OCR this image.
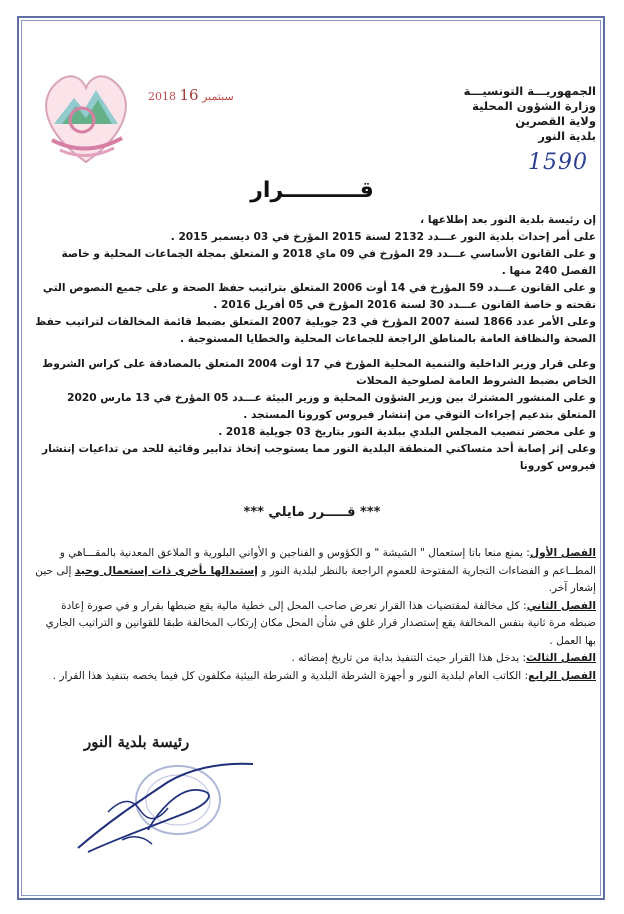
الجمهوريـــة التونسيـــة
وزارة الشؤون المحلية
ولاية القصرين
بلدية النور
2018 سبتمبر 16
1590
قــــــــــرار

إن رئيسة بلدية النور بعد إطلاعها ،

على أمر إحداث بلدية النور عـــدد 2132 لسنة 2015 المؤرخ في 03 ديسمبر 2015 .

و على القانون الأساسي عـــدد 29 المؤرخ في 09 ماي 2018 و المتعلق بمجلة الجماعات المحلية و خاصة الفصل 240 منها .

و على القانون عـــدد 59 المؤرخ في 14 أوت 2006 المتعلق بتراتيب حفظ الصحة و على جميع النصوص التي نقحته و خاصة القانون عـــدد 30 لسنة 2016 المؤرخ في 05 أفريل 2016 .

وعلى الأمر عدد 1866 لسنة 2007 المؤرخ في 23 جويلية 2007 المتعلق بضبط قائمة المخالفات لتراتيب حفظ الصحة والنظافة العامة بالمناطق الراجعة للجماعات المحلية والخطايا المستوجبة .

وعلى قرار وزير الداخلية والتنمية المحلية المؤرخ في 17 أوت 2004 المتعلق بالمصادقة على كراس الشروط الخاص بضبط الشروط العامة لصلوحية المحلات

و على المنشور المشترك بين وزير الشؤون المحلية و وزير البيئة عـــدد 05 المؤرخ في 13 مارس 2020 المتعلق بتدعيم إجراءات التوقي من إنتشار فيروس كورونا المستجد .

و على محضر تنصيب المجلس البلدي ببلدية النور بتاريخ 03 جويلية 2018 .

وعلى إثر إصابة أحد متساكني المنطقة البلدية النور مما يستوجب إتخاذ تدابير وقائية للحد من تداعيات إنتشار فيروس كورونا

*** قـــــرر مايلي ***

الفصل الأول: يمنع منعا باتا إستعمال " الشيشة " و الكؤوس و الفناجين و الأواني البلورية و الملاعق المعدنية بالمقـــاهي و المطــاعم و الفضاءات التجارية المفتوحة للعموم الراجعة بالنظر لبلدية النور و إستبدالها بأخرى ذات إستعمال وحيد إلى حين إشعار آخر.

الفصل الثاني: كل مخالفة لمقتضيات هذا القرار تعرض صاحب المحل إلى خطية مالية يقع ضبطها بقرار و في صورة إعادة ضبطه مرة ثانية بنفس المخالفة يقع إستصدار قرار غلق في شأن المحل مكان إرتكاب المخالفة طبقا للقوانين و التراتيب الجاري بها العمل .

الفصل الثالث: يدخل هذا القرار حيث التنفيذ بداية من تاريخ إمضائه .

الفصل الرابع: الكاتب العام لبلدية النور و أجهزة الشرطة البلدية و الشرطة البيئية مكلفون كل فيما يخصه بتنفيذ هذا القرار .

رئيسة بلدية النور
